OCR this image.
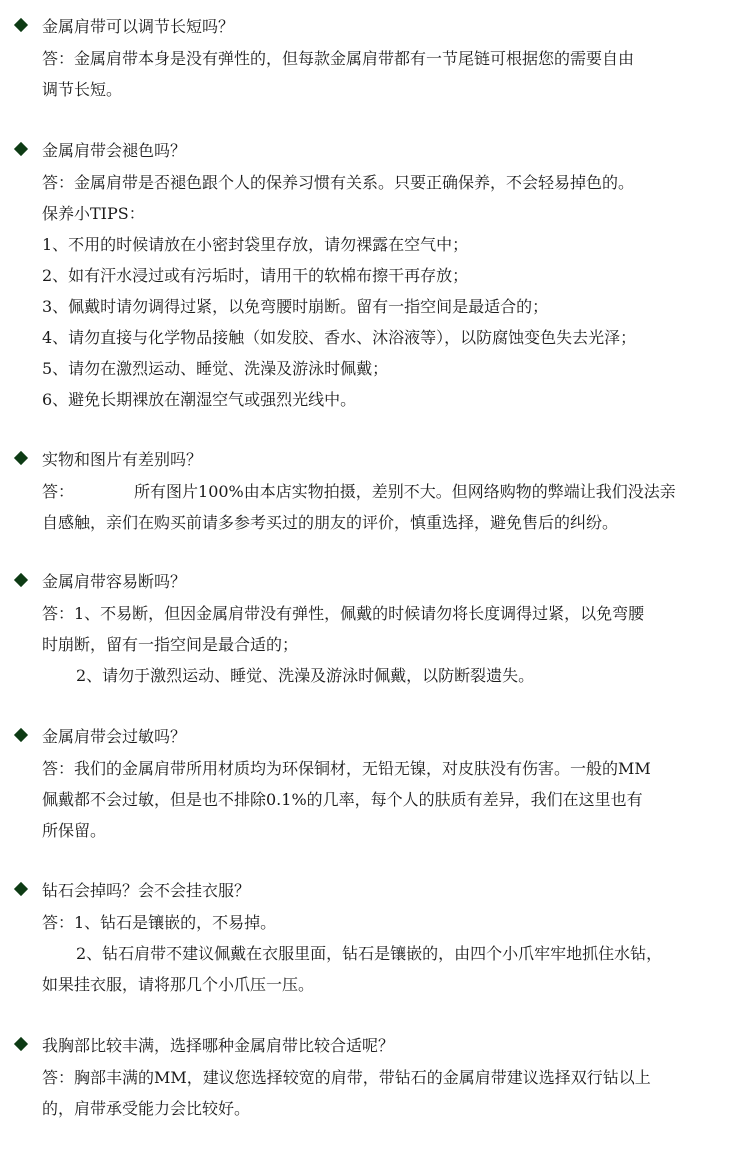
金属肩带可以调节长短吗？
答：金属肩带本身是没有弹性的，但每款金属肩带都有一节尾链可根据您的需要自由
调节长短。
金属肩带会褪色吗？
答：金属肩带是否褪色跟个人的保养习惯有关系。只要正确保养，不会轻易掉色的。
保养小TIPS：
1、不用的时候请放在小密封袋里存放，请勿裸露在空气中；
2、如有汗水浸过或有污垢时，请用干的软棉布擦干再存放；
3、佩戴时请勿调得过紧，以免弯腰时崩断。留有一指空间是最适合的；
4、请勿直接与化学物品接触（如发胶、香水、沐浴液等），以防腐蚀变色失去光泽；
5、请勿在激烈运动、睡觉、洗澡及游泳时佩戴；
6、避免长期裸放在潮湿空气或强烈光线中。
实物和图片有差别吗？
答：	所有图片100%由本店实物拍摄，差别不大。但网络购物的弊端让我们没法亲
自感触，亲们在购买前请多参考买过的朋友的评价，慎重选择，避免售后的纠纷。
金属肩带容易断吗？
答：1、不易断，但因金属肩带没有弹性，佩戴的时候请勿将长度调得过紧，以免弯腰
时崩断，留有一指空间是最合适的；
2、请勿于激烈运动、睡觉、洗澡及游泳时佩戴，以防断裂遗失。
金属肩带会过敏吗？
答：我们的金属肩带所用材质均为环保铜材，无铅无镍，对皮肤没有伤害。一般的MM
佩戴都不会过敏，但是也不排除0.1%的几率，每个人的肤质有差异，我们在这里也有
所保留。
钻石会掉吗？会不会挂衣服？
答：1、钻石是镶嵌的，不易掉。
2、钻石肩带不建议佩戴在衣服里面，钻石是镶嵌的，由四个小爪牢牢地抓住水钻，
如果挂衣服，请将那几个小爪压一压。
我胸部比较丰满，选择哪种金属肩带比较合适呢？
答：胸部丰满的MM，建议您选择较宽的肩带，带钻石的金属肩带建议选择双行钻以上
的，肩带承受能力会比较好。
